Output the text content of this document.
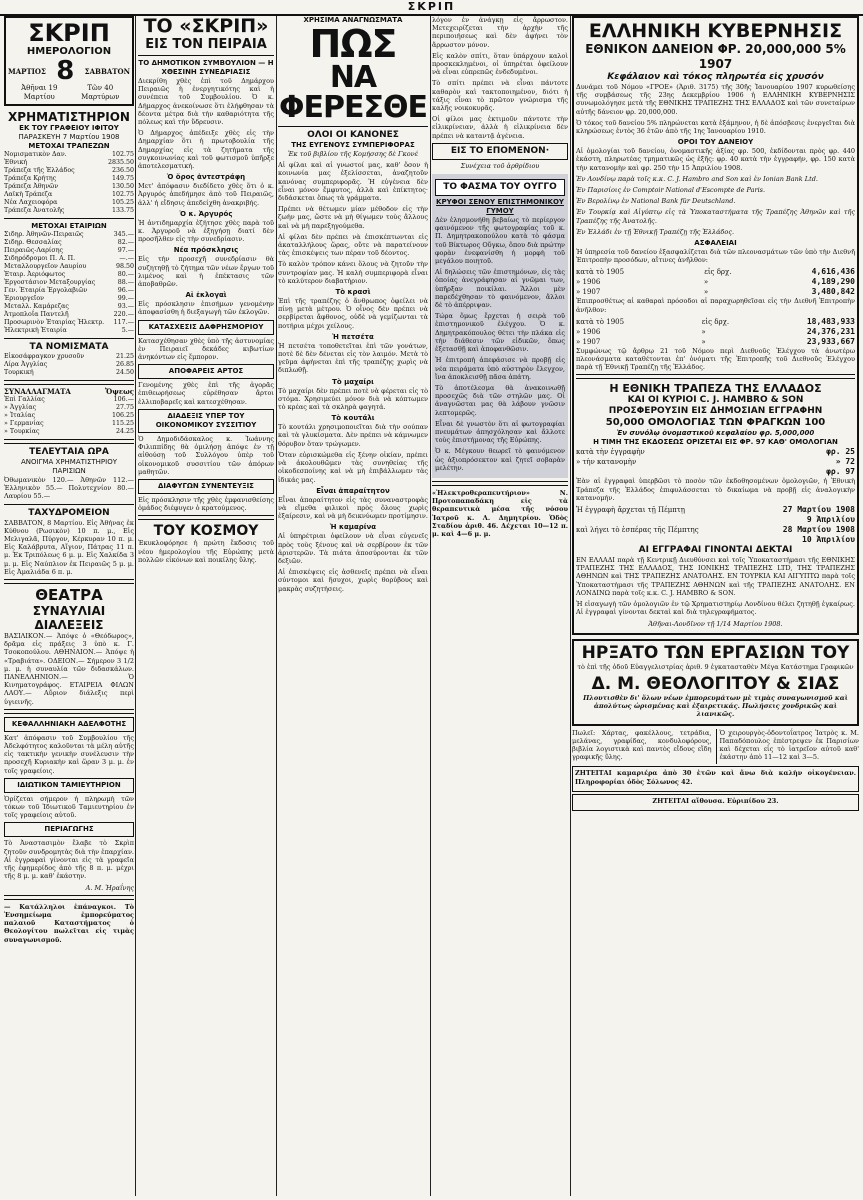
ΣΚΡΙΠ
ΣΚΡΙΠ
ΗΜΕΡΟΛΟΓΙΟΝ
ΜΑΡΤΙΟΣ 8 ΣΑΒΒΑΤΟΝ
Ἀθῆναι 19 Μαρτίου
Τῶν 40 Μαρτύρων
ΧΡΗΜΑΤΙΣΤΗΡΙΟΝ
ΕΚ ΤΟΥ ΓΡΑΦΕΙΟΥ ΙΦΙΤΟΥ
ΠΑΡΑΣΚΕΥΗ 7 Μαρτίου 1908
ΜΕΤΟΧΑΙ ΤΡΑΠΕΖΩΝ
Νομισματικὸν Δαν.	102.75
Ἐθνική	2835.50
Τράπεζα τῆς Ἑλλάδος	236.50
Τράπεζα Κρήτης	149.75
Τράπεζα Ἀθηνῶν	130.50
Λαϊκὴ Τράπεζα	102.75
Νέα Λαχειοφόρα	105.25
Τράπεζα Ἀνατολῆς	133.75
ΜΕΤΟΧΑΙ ΕΤΑΙΡΙΩΝ
Σιδηρ. Ἀθηνῶν-Πειραιῶς	345.—
Σιδηρ. Θεσσαλίας	82.—
Πειραιῶς-Λαρίσης	97.—
Σιδηρόδρομοι Π. Α. Π.	—.—
Μεταλλουργεῖον Λαυρίου	98.50
Ἑταιρ. Ἀεριόφωτος	80.—
Ἐργοστάσιον Μεταξουργίας	88.—
Γεν. Ἑταιρία Ἐργολαβιῶν	96.—
Ἐριουργεῖον	99.—
Μεταλλ. Καμάρεζας	93.—
Ἀτμοπλοΐα Παντελῆ	220.—
Προσωρινὸν Ἐταιρίας Ἡλεκτρ.	117.—
Ἡλεκτρικὴ Ἑταιρία	5.—
ΤΑ ΝΟΜΙΣΜΑΤΑ
Εἰκοσάφραγκον χρυσοῦν	21.25
Λίρα Ἀγγλίας	26.85
Τουρκική	24.50
ΣΥΝΑΛΛΑΓΜΑΤΑ	Ὄψεως
Ἐπὶ Γαλλίας	106.—
» Ἀγγλίας	27.75
» Ἰταλίας	106.25
» Γερμανίας	115.25
» Τουρκίας	24.25
ΤΕΛΕΥΤΑΙΑ ΩΡΑ
ΑΝΟΙΓΜΑ ΧΡΗΜΑΤΙΣΤΗΡΙΟΥ ΠΑΡΙΣΙΩΝ

Ὀθωμανικὸν 120.— Ἀθηνῶν 112.— Ἑλληνικὸν 55.— Πολυτεχνίον 80.— Λαυρίου 55.—

ΤΑΧΥΔΡΟΜΕΙΟΝ

ΣΑΒΒΑΤΟΝ, 8 Μαρτίου. Εἰς Ἀθήνας ἐκ Κύθνου (Ρωσικὸν) 10 π. μ., Εἰς Μελιγαλᾶ, Πύργον, Κέρκυραν 10 π. μ. Εἰς Καλάβρυτα, Αἴγιον, Πάτρας 11 π. μ. Ἐκ Τριπόλεως 6 μ. μ. Εἰς Χαλκίδα 3 μ. μ. Εἰς Ναύπλιον ἐκ Πειραιῶς 5 μ. μ. Εἰς Ἀμαλιάδα 6 π. μ.

ΘΕΑΤΡΑ
ΣΥΝΑΥΛΙΑΙ
ΔΙΑΛΕΞΕΙΣ

ΒΑΣΙΛΙΚΟΝ.— Ἀπόψε ὁ «Θεόδωρος», δρᾶμα εἰς πράξεις 3 ὑπὸ κ. Γ. Τσοκοπούλου. ΑΘΗΝΑΙΟΝ.— Ἀπόψε ἡ «Τραβιάτα». ΟΔΕΙΟΝ.— Σήμερον 3 1/2 μ. μ. ἡ συναυλία τῶν διδασκάλων. ΠΑΝΕΛΛΗΝΙΟΝ.— Ὁ Κινηματογράφος. ΕΤΑΙΡΕΙΑ ΦΙΛΩΝ ΛΑΟΥ.— Αὔριον διάλεξις περὶ ὑγιεινῆς.

ΚΕΦΑΛΛΗΝΙΑΚΗ ΑΔΕΛΦΟΤΗΣ

Κατ' ἀπόφασιν τοῦ Συμβουλίου τῆς Ἀδελφότητος καλοῦνται τὰ μέλη αὐτῆς εἰς τακτικὴν γενικὴν συνέλευσιν τὴν προσεχῆ Κυριακὴν καὶ ὥραν 3 μ. μ. ἐν τοῖς γραφείοις.

ΙΔΙΩΤΙΚΟΝ ΤΑΜΙΕΥΤΗΡΙΟΝ

Ὁρίζεται σήμερον ἡ πληρωμὴ τῶν τόκων τοῦ Ἰδιωτικοῦ Ταμιευτηρίου ἐν τοῖς γραφείοις αὐτοῦ.

ΠΕΡΙΑΓΩΓΗΣ

Τὸ Ἀναστασιμὸν ἔλαβε τὸ Σκρὶπ ζητοῦν συνδρομητὰς διὰ τὴν ἐπαρχίαν. Αἱ ἐγγραφαὶ γίνονται εἰς τὰ γραφεῖα τῆς ἐφημερίδος ἀπὸ τῆς 8 π. μ. μέχρι τῆς 8 μ. μ. καθ' ἑκάστην.

Α. Μ. Ἠραΐνης

— Κατάλληλοι ἐπάναγκοι. Τὸ Ἐνσημείωμα ἐμπορεύματος παλαιοῦ Καταστήματος ὁ Θεολογίτου πωλεῖται εἰς τιμὰς συναγωνισμοῦ.

ΤΟ «ΣΚΡΙΠ»
ΕΙΣ ΤΟΝ ΠΕΙΡΑΙΑ
ΤΟ ΔΗΜΟΤΙΚΟΝ ΣΥΜΒΟΥΛΙΟΝ — Η ΧΘΕΣΙΝΗ ΣΥΝΕΔΡΙΑΣΙΣ

Διεκρίθη χθὲς ἐπὶ τοῦ Δημάρχου Πειραιῶς ἡ ἐνεργητικότης καὶ ἡ συνέπεια τοῦ Συμβουλίου. Ὁ κ. Δήμαρχος ἀνεκοίνωσε ὅτι ἐλήφθησαν τὰ δέοντα μέτρα διὰ τὴν καθαριότητα τῆς πόλεως καὶ τὴν ὕδρευσιν.

Ὁ Δήμαρχος ἀπέδειξε χθὲς εἰς τὴν Δημαρχίαν ὅτι ἡ πρωτοβουλία τῆς Δημαρχίας εἰς τὰ ζητήματα τῆς συγκοινωνίας καὶ τοῦ φωτισμοῦ ὑπῆρξε ἀποτελεσματική.

Ὁ ὅρος ἀντεστράφη

Μετ' ἀπόφασιν διεδίδετο χθὲς ὅτι ὁ κ. Ἀργυρός ἀπεδήμησε ἀπὸ τοῦ Πειραιῶς, ἀλλ' ἡ εἴδησις ἀπεδείχθη ἀνακριβής.

Ὁ κ. Ἀργυρός

Ἡ ἀντιδημαρχία ἐζήτησε χθὲς παρὰ τοῦ κ. Ἀργυροῦ νὰ ἐξηγήσῃ διατί δὲν προσῆλθεν εἰς τὴν συνεδρίασιν.

Νέα πρόσκλησις

Εἰς τὴν προσεχῆ συνεδρίασιν θὰ συζητηθῇ τὸ ζήτημα τῶν νέων ἔργων τοῦ λιμένος καὶ ἡ ἐπέκτασις τῶν ἀποβαθρῶν.

Αἱ ἐκλογαὶ

Εἰς πρόσκλησιν ἐπισήμων γενομένην ἀποφασίσθη ἡ διεξαγωγὴ τῶν ἐκλογῶν.

ΚΑΤΑΣΧΕΣΙΣ ΔΑΦΡΗΣΜΟΡΙΟΥ

Κατασχέθησαν χθὲς ὑπὸ τῆς ἀστυνομίας ἐν Πειραιεῖ δεκάδες κιβωτίων ἀνηκόντων εἰς ἔμπορον.

ΑΠΟΦΑΡΕΙΣ ΑΡΤΟΣ

Γενομένης χθὲς ἐπὶ τῆς ἀγορᾶς ἐπιθεωρήσεως εὑρέθησαν ἄρτοι ἐλλιποβαρεῖς καὶ κατεσχέθησαν.

ΔΙΑΔΕΞΙΣ ΥΠΕΡ ΤΟΥ ΟΙΚΟΝΟΜΙΚΟΥ ΣΥΣΣΙΤΙΟΥ

Ὁ Δημοδιδάσκαλος κ. Ἰωάννης Φιλιππίδης θὰ ὁμιλήσῃ ἀπόψε ἐν τῇ αἰθούσῃ τοῦ Συλλόγου ὑπὲρ τοῦ οἰκονομικοῦ συσσιτίου τῶν ἀπόρων μαθητῶν.

ΔΙΑΦΥΓΩΝ ΣΥΝΕΝΤΕΥΞΙΣ

Εἰς πρόσκλησιν τῆς χθὲς ἐμφανισθείσης ὁμάδος διέφυγεν ὁ κρατούμενος.

ΤΟΥ ΚΟΣΜΟΥ

Ἐκυκλοφόρησε ἡ πρώτη ἔκδοσις τοῦ νέου ἡμερολογίου τῆς Εὐρώπης μετὰ πολλῶν εἰκόνων καὶ ποικίλης ὕλης.

ΧΡΗΣΙΜΑ ΑΝΑΓΝΩΣΜΑΤΑ
ΠΩΣ
ΝΑ ΦΕΡΕΣΘΕ
ΟΛΟΙ ΟΙ ΚΑΝΟΝΕΣ
ΤΗΣ ΕΥΓΕΝΟΥΣ ΣΥΜΠΕΡΙΦΟΡΑΣ

Ἐκ τοῦ βιβλίου τῆς Κομήσσης δὲ Γκονέ

Αἱ φίλαι καὶ αἱ γνωστοί μας, καθ' ὅσον ἡ κοινωνία μας ἐξελίσσεται, ἀναζητοῦν κανόνας συμπεριφορᾶς. Ἡ εὐγένεια δὲν εἶναι μόνον ἔμφυτος, ἀλλὰ καὶ ἐπίκτητος· διδάσκεται ὅπως τὰ γράμματα.

Πρέπει νὰ θέτωμεν μίαν μέθοδον εἰς τὴν ζωὴν μας, ὥστε νὰ μὴ θίγωμεν τοὺς ἄλλους καὶ νὰ μὴ παρεξηγούμεθα.

Αἱ φίλαι δὲν πρέπει νὰ ἐπισκέπτωνται εἰς ἀκαταλλήλους ὥρας, οὔτε νὰ παρατείνουν τὰς ἐπισκέψεις των πέραν τοῦ δέοντος.

Τὸ καλὸν τρόπον κάνει ὅλους νὰ ζητοῦν τὴν συντροφίαν μας. Ἡ καλὴ συμπεριφορὰ εἶναι τὸ καλύτερον διαβατήριον.

Τὸ κρασὶ

Ἐπὶ τῆς τραπέζης ὁ ἄνθρωπος ὀφείλει νὰ πίνῃ μετὰ μέτρου. Ὁ οἶνος δὲν πρέπει νὰ σερβίρεται ἄφθονος, οὐδὲ νὰ γεμίζωνται τὰ ποτήρια μέχρι χείλους.

Ἡ πετσέτα

Ἡ πετσέτα τοποθετεῖται ἐπὶ τῶν γονάτων, ποτὲ δὲ δὲν δένεται εἰς τὸν λαιμόν. Μετὰ τὸ γεῦμα ἀφήνεται ἐπὶ τῆς τραπέζης χωρὶς νὰ διπλωθῇ.

Τὸ μαχαίρι

Τὸ μαχαίρι δὲν πρέπει ποτὲ νὰ φέρεται εἰς τὸ στόμα. Χρησιμεύει μόνον διὰ νὰ κόπτωμεν τὸ κρέας καὶ τὰ σκληρὰ φαγητά.

Τὸ κουτάλι

Τὸ κουτάλι χρησιμοποιεῖται διὰ τὴν σούπαν καὶ τὰ γλυκίσματα. Δὲν πρέπει νὰ κάμνωμεν θόρυβον ὅταν τρώγωμεν.

Ὅταν εὑρισκώμεθα εἰς ξένην οἰκίαν, πρέπει νὰ ἀκολουθῶμεν τὰς συνηθείας τῆς οἰκοδεσποίνης καὶ νὰ μὴ ἐπιβάλλωμεν τὰς ἰδικάς μας.

Εἶναι ἀπαραίτητον

Εἶναι ἀπαραίτητον εἰς τὰς συναναστροφὰς νὰ εἴμεθα φιλικοὶ πρὸς ὅλους χωρὶς ἐξαίρεσιν, καὶ νὰ μὴ δεικνύωμεν προτίμησιν.

Ἡ καμαρίνα

Αἱ ὑπηρέτριαι ὀφείλουν νὰ εἶναι εὐγενεῖς πρὸς τοὺς ξένους καὶ νὰ σερβίρουν ἐκ τῶν ἀριστερῶν. Τὰ πιάτα ἀποσύρονται ἐκ τῶν δεξιῶν.

Αἱ ἐπισκέψεις εἰς ἀσθενεῖς πρέπει νὰ εἶναι σύντομοι καὶ ἥσυχοι, χωρὶς θορύβους καὶ μακρὰς συζητήσεις.

λόγον ἐν ἀνάγκῃ εἰς ἄρρωστον. Μετεχειρίζεται τὴν ἀρχὴν τῆς περιποιήσεως καὶ δὲν ἀφήνει τὸν ἄρρωστον μόνον.

Εἰς καλὸν σπίτι, ὅταν ὑπάρχουν καλοὶ προσκεκλημένοι, οἱ ὑπηρέται ὀφείλουν νὰ εἶναι εὐπρεπῶς ἐνδεδυμένοι.

Τὸ σπίτι πρέπει νὰ εἶναι πάντοτε καθαρὸν καὶ τακτοποιημένον, διότι ἡ τάξις εἶναι τὸ πρῶτον γνώρισμα τῆς καλῆς νοικοκυρᾶς.

Οἱ φίλοι μας ἐκτιμοῦν πάντοτε τὴν εἰλικρίνειαν, ἀλλὰ ἡ εἰλικρίνεια δὲν πρέπει νὰ καταντᾷ ἀγένεια.

ΕΙΣ ΤΟ ΕΠΟΜΕΝΟΝ·

Συνέχεια τοῦ ἀρθρίδιου

ΤΟ ΦΑΣΜΑ ΤΟΥ ΟΥΓΓΟ
ΚΡΥΦΟΙ ΣΕΝΟΥ ΕΠΙΣΤΗΜΟΝΙΚΟΥ ΓΥΜΟΥ

Δὲν ἐλησμονήθη βεβαίως τὸ περίεργον φαινόμενον τῆς φωτογραφίας τοῦ κ. Π. Δημητρακοπούλου κατὰ τὸ φάσμα τοῦ Βίκτωρος Οὔγκω, ὅπου διὰ πρώτην φορὰν ἐνεφανίσθη ἡ μορφὴ τοῦ μεγάλου ποιητοῦ.

Αἱ δηλώσεις τῶν ἐπιστημόνων, εἰς τὰς ὁποίας ἀνεγράφησαν αἱ γνῶμαι των, ὑπῆρξαν ποικίλαι. Ἄλλοι μὲν παρεδέχθησαν τὸ φαινόμενον, ἄλλοι δὲ τὸ ἀπέρριψαν.

Τώρα ὅμως ἔρχεται ἡ σειρὰ τοῦ ἐπιστημονικοῦ ἐλέγχου. Ὁ κ. Δημητρακόπουλος θέτει τὴν πλάκα εἰς τὴν διάθεσιν τῶν εἰδικῶν, ὅπως ἐξετασθῇ καὶ ἀποφανθῶσιν.

Ἡ ἐπιτροπὴ ἀπεφάσισε νὰ προβῇ εἰς νέα πειράματα ὑπὸ αὐστηρὸν ἔλεγχον, ἵνα ἀποκλεισθῇ πᾶσα ἀπάτη.

Τὸ ἀποτέλεσμα θὰ ἀνακοινωθῇ προσεχῶς διὰ τῶν στηλῶν μας. Οἱ ἀναγνῶσται μας θὰ λάβουν γνῶσιν λεπτομερῶς.

Εἶναι δὲ γνωστὸν ὅτι αἱ φωτογραφίαι πνευμάτων ἀπησχόλησαν καὶ ἄλλοτε τοὺς ἐπιστήμονας τῆς Εὐρώπης.

Ὁ κ. Μέγκουν θεωρεῖ τὸ φαινόμενον ὡς ἀξιοπρόσεκτον καὶ ζητεῖ σοβαρὰν μελέτην.

«Ἠλεκτροθεραπευτήριον» Ν. Προτοπαπαδάκη εἰς τὰ θεραπευτικὰ μέσα τῆς νόσου Ἰατροῦ κ. Λ. Δημητρίου. Ὁδὸς Σταδίου ἀριθ. 46. Δέχεται 10—12 π. μ. καὶ 4—6 μ. μ.

ΕΛΛΗΝΙΚΗ ΚΥΒΕΡΝΗΣΙΣ
ΕΘΝΙΚΟΝ ΔΑΝΕΙΟΝ ΦΡ. 20,000,000 5% 1907
Κεφάλαιον καὶ τόκος πληρωτέα εἰς χρυσόν

Δυνάμει τοῦ Νόμου «ΓΡΟΕ» (Ἀριθ. 3175) τῆς 30ῆς Ἰανουαρίου 1907 κυρωθείσης τῆς συμβάσεως τῆς 23ης Δεκεμβρίου 1906 ἡ ΕΛΛΗΝΙΚΗ ΚΥΒΕΡΝΗΣΙΣ συνωμολόγησε μετὰ τῆς ΕΘΝΙΚΗΣ ΤΡΑΠΕΖΗΣ ΤΗΣ ΕΛΛΑΔΟΣ καὶ τῶν συνεταίρων αὐτῆς δάνειον φρ. 20,000,000.

Ὁ τόκος τοῦ δανείου 5% πληρώνεται κατὰ ἑξάμηνον, ἡ δὲ ἀπόσβεσις ἐνεργεῖται διὰ κληρώσεως ἐντὸς 36 ἐτῶν ἀπὸ τῆς 1ης Ἰανουαρίου 1910.

ΟΡΟΙ ΤΟΥ ΔΑΝΕΙΟΥ

Αἱ ὁμολογίαι τοῦ δανείου, ὀνομαστικῆς ἀξίας φρ. 500, ἐκδίδονται πρὸς φρ. 440 ἑκάστη, πληρωτέας τμηματικῶς ὡς ἑξῆς: φρ. 40 κατὰ τὴν ἐγγραφήν, φρ. 150 κατὰ τὴν κατανομὴν καὶ φρ. 250 τὴν 15 Ἀπριλίου 1908.

Ἐν Λονδίνῳ παρὰ τοῖς κ.κ. C. J. Hambro and Son καὶ ἐν Ionian Bank Ltd.

Ἐν Παρισίοις ἐν Comptoir National d'Escompte de Paris.

Ἐν Βερολίνῳ ἐν National Bank für Deutschland.

Ἐν Τουρκίᾳ καὶ Αἰγύπτῳ εἰς τὰ Ὑποκαταστήματα τῆς Τραπέζης Ἀθηνῶν καὶ τῆς Τραπέζης τῆς Ἀνατολῆς.

Ἐν Ἑλλάδι ἐν τῇ Ἐθνικῇ Τραπέζῃ τῆς Ἑλλάδος.

ΑΣΦΑΛΕΙΑΙ

Ἡ ὑπηρεσία τοῦ δανείου ἐξασφαλίζεται διὰ τῶν πλεονασμάτων τῶν ὑπὸ τὴν Διεθνῆ Ἐπιτροπὴν προσόδων, αἵτινες ἀνῆλθον:

κατὰ τὸ 1905	εἰς δρχ.	4,616,436
» 1906	»	4,189,290
» 1907	»	3,480,842

Ἐπιπροσθέτως αἱ καθαραὶ πρόσοδοι αἱ παραχωρηθεῖσαι εἰς τὴν Διεθνῆ Ἐπιτροπὴν ἀνῆλθον:

κατὰ τὸ 1905	εἰς δρχ.	18,483,933
» 1906	»	24,376,231
» 1907	»	23,933,667

Συμφώνως τῷ ἄρθρῳ 21 τοῦ Νόμου περὶ Διεθνοῦς Ἐλέγχου τὰ ἀνωτέρω πλεονάσματα καταθέτονται ἐπ' ὀνόματι τῆς Ἐπιτροπῆς τοῦ Διεθνοῦς Ἐλέγχου παρὰ τῇ Ἐθνικῇ Τραπέζῃ τῆς Ἑλλάδος.

Η ΕΘΝΙΚΗ ΤΡΑΠΕΖΑ ΤΗΣ ΕΛΛΑΔΟΣ
ΚΑΙ ΟΙ ΚΥΡΙΟΙ C. J. HAMBRO & SON
ΠΡΟΣΦΕΡΟΥΣΙΝ ΕΙΣ ΔΗΜΟΣΙΑΝ ΕΓΓΡΑΦΗΝ
50,000 ΟΜΟΛΟΓΙΑΣ ΤΩΝ ΦΡΑΓΚΩΝ 100
Ἐν συνόλῳ ὀνομαστικοῦ κεφαλαίου φρ. 5,000,000
Η ΤΙΜΗ ΤΗΣ ΕΚΔΟΣΕΩΣ ΟΡΙΖΕΤΑΙ ΕΙΣ ΦΡ. 97 ΚΑΘ' ΟΜΟΛΟΓΙΑΝ
κατὰ τὴν ἐγγραφὴν	φρ. 25
» τὴν κατανομὴν	» 72
φρ. 97

Ἐὰν αἱ ἐγγραφαὶ ὑπερβῶσι τὸ ποσὸν τῶν ἐκδοθησομένων ὁμολογιῶν, ἡ Ἐθνικὴ Τράπεζα τῆς Ἑλλάδος ἐπιφυλάσσεται τὸ δικαίωμα νὰ προβῇ εἰς ἀναλογικὴν κατανομήν.

Ἡ ἐγγραφὴ ἄρχεται τῇ Πέμπτῃ	27 Μαρτίου 1908
9 Ἀπριλίου
καὶ λήγει τὸ ἑσπέρας τῆς Πέμπτης	28 Μαρτίου 1908
10 Ἀπριλίου
ΑΙ ΕΓΓΡΑΦΑΙ ΓΙΝΟΝΤΑΙ ΔΕΚΤΑΙ

ΕΝ ΕΛΛΑΔΙ παρὰ τῇ Κεντρικῇ Διευθύνσει καὶ τοῖς Ὑποκαταστήμασι τῆς ΕΘΝΙΚΗΣ ΤΡΑΠΕΖΗΣ ΤΗΣ ΕΛΛΑΔΟΣ, ΤΗΣ ΙΟΝΙΚΗΣ ΤΡΑΠΕΖΗΣ LTD, ΤΗΣ ΤΡΑΠΕΖΗΣ ΑΘΗΝΩΝ καὶ ΤΗΣ ΤΡΑΠΕΖΗΣ ΑΝΑΤΟΛΗΣ. ΕΝ ΤΟΥΡΚΙΑ ΚΑΙ ΑΙΓΥΠΤΩ παρὰ τοῖς Ὑποκαταστήμασι τῆς ΤΡΑΠΕΖΗΣ ΑΘΗΝΩΝ καὶ τῆς ΤΡΑΠΕΖΗΣ ΑΝΑΤΟΛΗΣ. ΕΝ ΛΟΝΔΙΝΩ παρὰ τοῖς κ.κ. C. J. HAMBRO & SON.

Ἡ εἰσαγωγὴ τῶν ὁμολογιῶν ἐν τῷ Χρηματιστηρίῳ Λονδίνου θέλει ζητηθῇ ἐγκαίρως. Αἱ ἐγγραφαὶ γίνονται δεκταὶ καὶ διὰ τηλεγραφήματος.

Ἀθῆναι-Λονδῖνον τῇ 1/14 Μαρτίου 1908.

ΗΡΞΑΤΟ ΤΩΝ ΕΡΓΑΣΙΩΝ ΤΟΥ

τὸ ἐπὶ τῆς ὁδοῦ Εὐαγγελιστρίας ἀριθ. 9 ἐγκατασταθὲν Μέγα Κατάστημα Γραφικῶν

Δ. Μ. ΘΕΟΛΟΓΙΤΟΥ & ΣΙΑΣ

Πλουτισθὲν δι' ὅλων νέων ἐμπορευμάτων μὲ τιμὰς συναγωνισμοῦ καὶ ἀπολύτως ὡρισμένας καὶ ἐξαιρετικάς. Πωλήσεις χονδρικῶς καὶ λιανικῶς.

Πωλεῖ: Χάρτας, φακέλλους, τετράδια, μελάνας, γραφίδας, κονδυλοφόρους, βιβλία λογιστικὰ καὶ παντὸς εἴδους εἴδη γραφικῆς ὕλης.

Ὁ χειρουργὸς-ὀδοντοΐατρος Ἰατρὸς κ. Μ. Παπαδόπουλος ἐπέστρεψεν ἐκ Παρισίων καὶ δέχεται εἰς τὸ ἰατρεῖον αὐτοῦ καθ' ἑκάστην ἀπὸ 11—12 καὶ 3—5.

ΖΗΤΕΙΤΑΙ καμαριέρα ἀπὸ 30 ἐτῶν καὶ ἄνω διὰ καλὴν οἰκογένειαν. Πληροφορίαι ὁδὸς Σόλωνος 42.

ΖΗΤΕΙΤΑΙ αἴθουσα. Εὐριπίδου 23.
